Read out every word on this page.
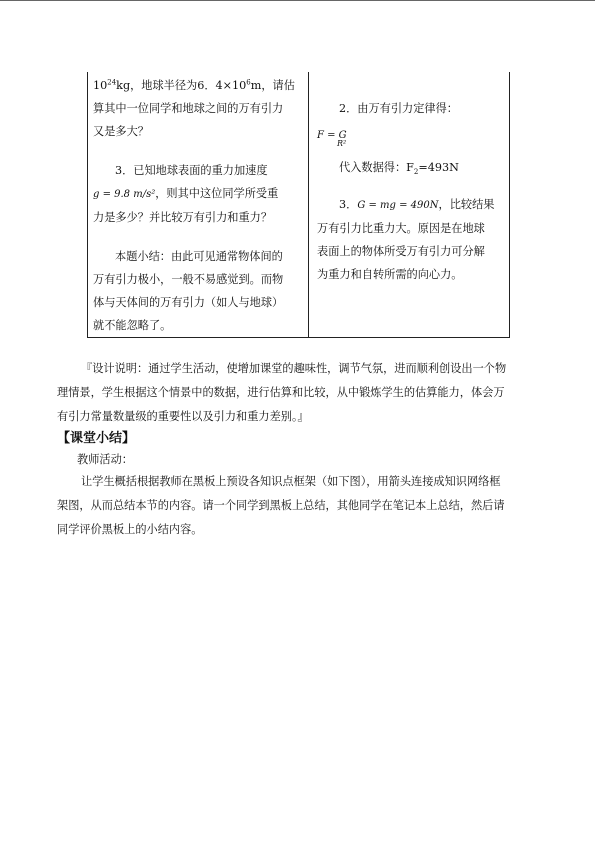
$10^{24}kg$，地球半径为6．$4\times 10^6m$，请估

算其中一位同学和地球之间的万有引力

又是多大？

3．已知地球表面的重力加速度

g = 9.8 m/s²，则其中这位同学所受重

力是多少？并比较万有引力和重力？

本题小结：由此可见通常物体间的

万有引力极小，一般不易感觉到。而物

体与天体间的万有引力（如人与地球）

就不能忽略了。

2．由万有引力定律得：

F = G
R²

代入数据得：$F_2=493N$

3．G = mg = 490N，比较结果

万有引力比重力大。原因是在地球

表面上的物体所受万有引力可分解

为重力和自转所需的向心力。

『设计说明：通过学生活动，使增加课堂的趣味性，调节气氛，进而顺利创设出一个物

理情景，学生根据这个情景中的数据，进行估算和比较，从中锻炼学生的估算能力，体会万

有引力常量数量级的重要性以及引力和重力差别。』

【课堂小结】
教师活动：

让学生概括根据教师在黑板上预设各知识点框架（如下图），用箭头连接成知识网络框

架图，从而总结本节的内容。请一个同学到黑板上总结，其他同学在笔记本上总结，然后请

同学评价黑板上的小结内容。
